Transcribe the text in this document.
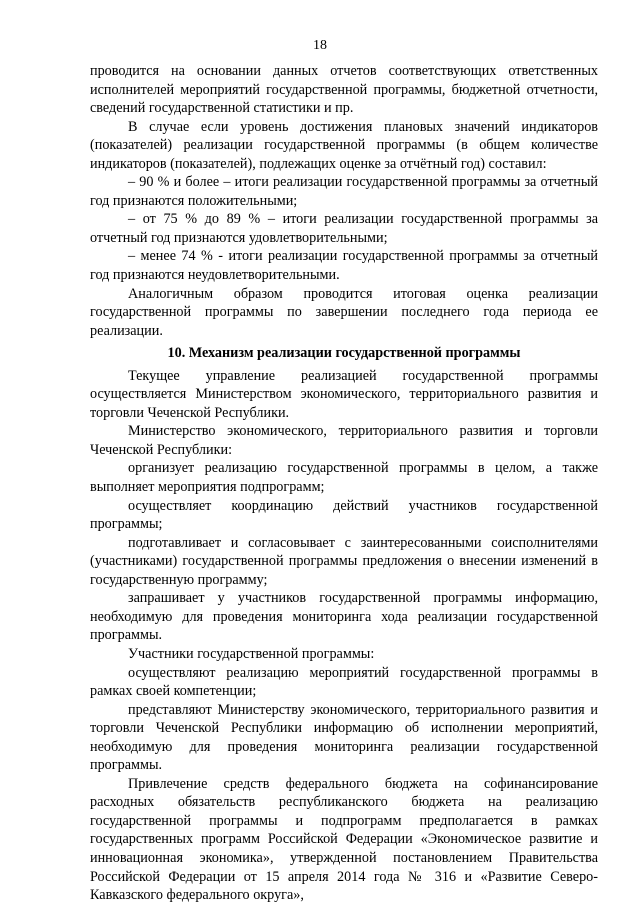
18

проводится на основании данных отчетов соответствующих ответственных исполнителей мероприятий государственной программы, бюджетной отчетности, сведений государственной статистики и пр.

В случае если уровень достижения плановых значений индикаторов (показателей) реализации государственной программы (в общем количестве индикаторов (показателей), подлежащих оценке за отчётный год) составил:

– 90 % и более – итоги реализации государственной программы за отчетный год признаются положительными;

– от 75 % до 89 % – итоги реализации государственной программы за отчетный год признаются удовлетворительными;

– менее 74 % - итоги реализации государственной программы за отчетный год признаются неудовлетворительными.

Аналогичным образом проводится итоговая оценка реализации государственной программы по завершении последнего года периода ее реализации.

10. Механизм реализации государственной программы

Текущее управление реализацией государственной программы осуществляется Министерством экономического, территориального развития и торговли Чеченской Республики.

Министерство экономического, территориального развития и торговли Чеченской Республики:

организует реализацию государственной программы в целом, а также выполняет мероприятия подпрограмм;

осуществляет координацию действий участников государственной программы;

подготавливает и согласовывает с заинтересованными соисполнителями (участниками) государственной программы предложения о внесении изменений в государственную программу;

запрашивает у участников государственной программы информацию, необходимую для проведения мониторинга хода реализации государственной программы.

Участники государственной программы:

осуществляют реализацию мероприятий государственной программы в рамках своей компетенции;

представляют Министерству экономического, территориального развития и торговли Чеченской Республики информацию об исполнении мероприятий, необходимую для проведения мониторинга реализации государственной программы.

Привлечение средств федерального бюджета на софинансирование расходных обязательств республиканского бюджета на реализацию государственной программы и подпрограмм предполагается в рамках государственных программ Российской Федерации «Экономическое развитие и инновационная экономика», утвержденной постановлением Правительства Российской Федерации от 15 апреля 2014 года № 316 и «Развитие Северо-Кавказского федерального округа»,
